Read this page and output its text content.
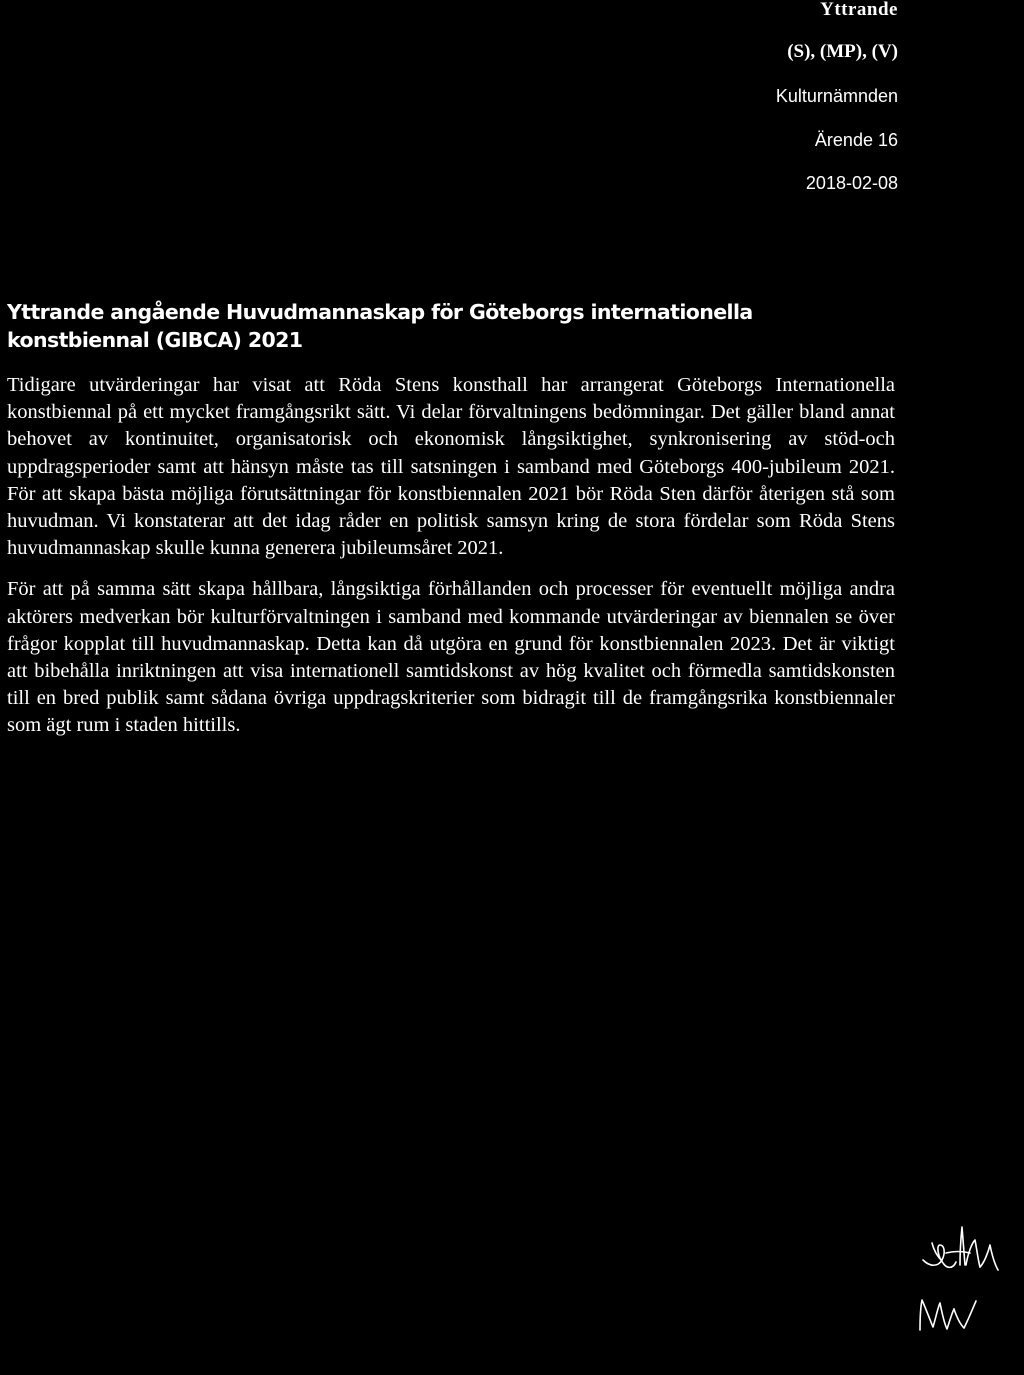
Yttrande
(S), (MP), (V)
Kulturnämnden
Ärende 16
2018-02-08
Yttrande angående Huvudmannaskap för Göteborgs internationella konstbiennal (GIBCA) 2021

Tidigare utvärderingar har visat att Röda Stens konsthall har arrangerat Göteborgs Internationella konstbiennal på ett mycket framgångsrikt sätt. Vi delar förvaltningens bedömningar. Det gäller bland annat behovet av kontinuitet, organisatorisk och ekonomisk långsiktighet, synkronisering av stöd-och uppdragsperioder samt att hänsyn måste tas till satsningen i samband med Göteborgs 400-jubileum 2021. För att skapa bästa möjliga förutsättningar för konstbiennalen 2021 bör Röda Sten därför återigen stå som huvudman. Vi konstaterar att det idag råder en politisk samsyn kring de stora fördelar som Röda Stens huvudmannaskap skulle kunna generera jubileumsåret 2021.

För att på samma sätt skapa hållbara, långsiktiga förhållanden och processer för eventuellt möjliga andra aktörers medverkan bör kulturförvaltningen i samband med kommande utvärderingar av biennalen se över frågor kopplat till huvudmannaskap. Detta kan då utgöra en grund för konstbiennalen 2023. Det är viktigt att bibehålla inriktningen att visa internationell samtidskonst av hög kvalitet och förmedla samtidskonsten till en bred publik samt sådana övriga uppdragskriterier som bidragit till de framgångsrika konstbiennaler som ägt rum i staden hittills.
